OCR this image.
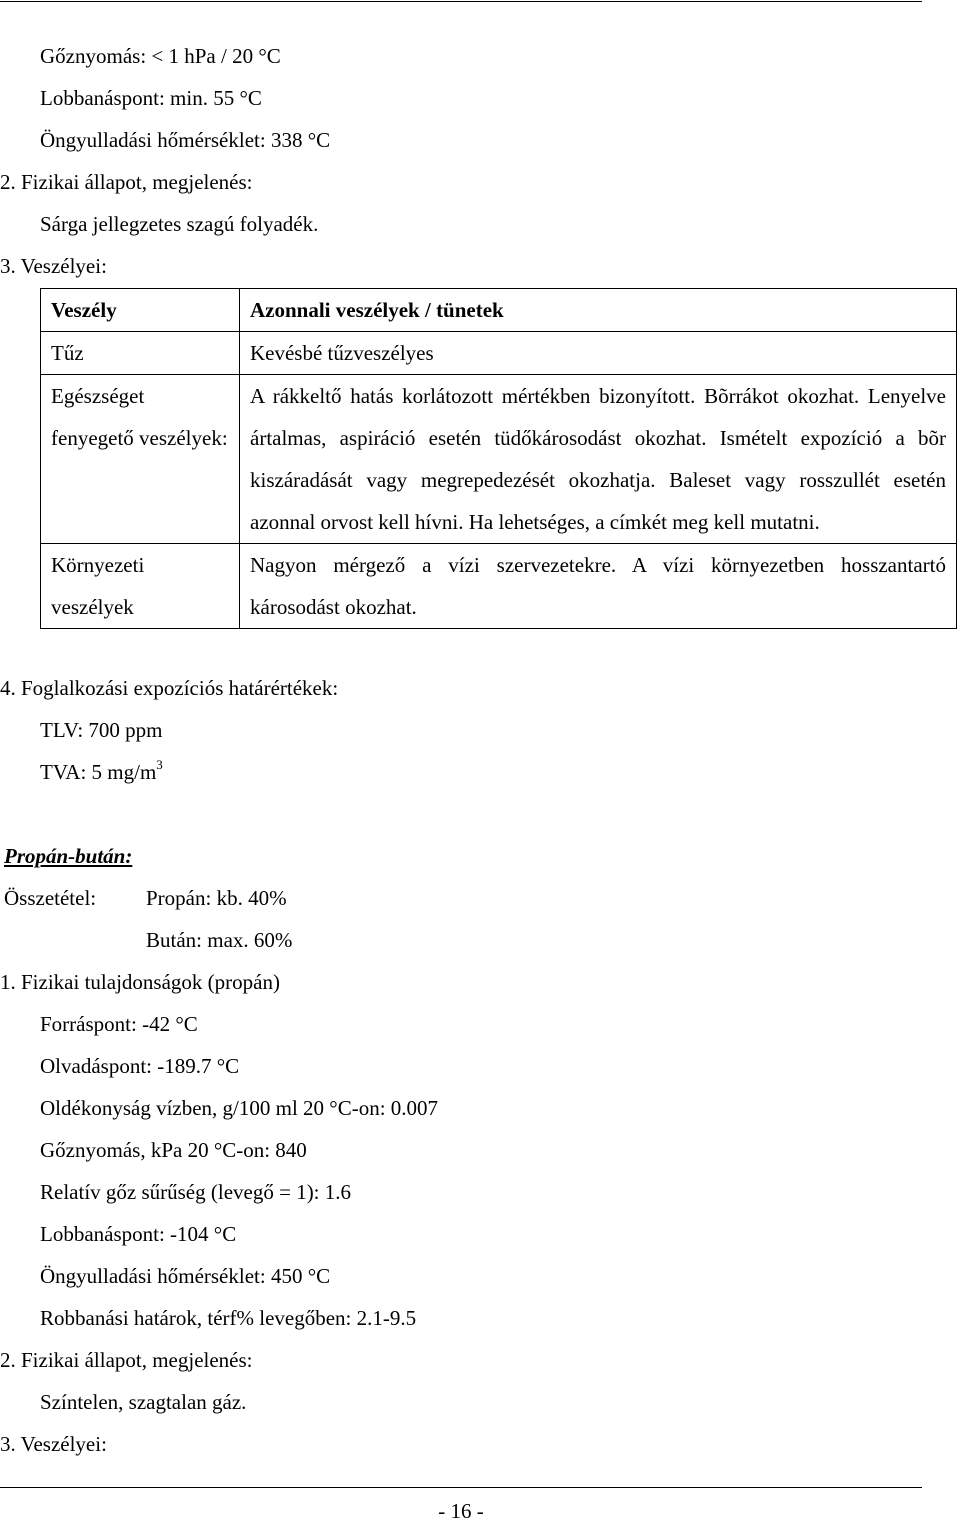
Gőznyomás: < 1 hPa / 20 °C
Lobbanáspont: min. 55 °C
Öngyulladási hőmérséklet: 338 °C
2. Fizikai állapot, megjelenés:
Sárga jellegzetes szagú folyadék.
3. Veszélyei:
Veszély	Azonnali veszélyek / tünetek
Tűz	Kevésbé tűzveszélyes
Egészséget fenyegető veszélyek:	A rákkeltő hatás korlátozott mértékben bizonyított. Bõrrákot okozhat. Lenyelve ártalmas, aspiráció esetén tüdőkárosodást okozhat. Ismételt expozíció a bõr kiszáradását vagy megrepedezését okozhatja. Baleset vagy rosszullét esetén azonnal orvost kell hívni. Ha lehetséges, a címkét meg kell mutatni.
Környezeti veszélyek	Nagyon mérgező a vízi szervezetekre. A vízi környezetben hosszantartó károsodást okozhat.
4. Foglalkozási expozíciós határértékek:
TLV: 700 ppm
TVA: 5 $mg/m^3$
Propán-bután:
Összetétel: Propán: kb. 40%
Bután: max. 60%
1. Fizikai tulajdonságok (propán)
Forráspont: -42 °C
Olvadáspont: -189.7 °C
Oldékonyság vízben, g/100 ml 20 °C-on: 0.007
Gőznyomás, kPa 20 °C-on: 840
Relatív gőz sűrűség (levegő = 1): 1.6
Lobbanáspont: -104 °C
Öngyulladási hőmérséklet: 450 °C
Robbanási határok, térf% levegőben: 2.1-9.5
2. Fizikai állapot, megjelenés:
Színtelen, szagtalan gáz.
3. Veszélyei:
- 16 -
